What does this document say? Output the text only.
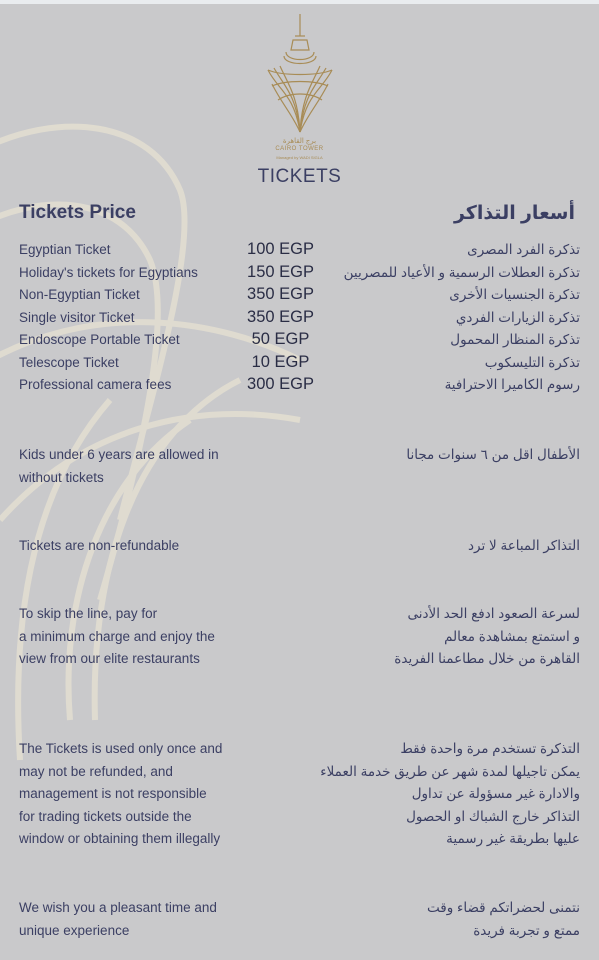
برج القاهرة
CAIRO TOWER
Managed by WADI SIGLA
TICKETS
Tickets Price	أسعار التذاكر
Egyptian Ticket	100 EGP	تذكرة الفرد المصرى
Holiday's tickets for Egyptians	150 EGP	تذكرة العطلات الرسمية و الأعياد للمصريين
Non-Egyptian Ticket	350 EGP	تذكرة الجنسيات الأخرى
Single visitor Ticket	350 EGP	تذكرة الزيارات الفردي
Endoscope Portable Ticket	50 EGP	تذكرة المنظار المحمول
Telescope Ticket	10 EGP	تذكرة التليسكوب
Professional camera fees	300 EGP	رسوم الكاميرا الاحترافية
Kids under 6 years are allowed in
without tickets
الأطفال اقل من ٦ سنوات مجانا
Tickets are non-refundable	التذاكر المباعة لا ترد
To skip the line, pay for
a minimum charge and enjoy the
view from our elite restaurants
لسرعة الصعود ادفع الحد الأدنى
و استمتع بمشاهدة معالم
القاهرة من خلال مطاعمنا الفريدة
The Tickets is used only once and
may not be refunded, and
management is not responsible
for trading tickets outside the
window or obtaining them illegally
التذكرة تستخدم مرة واحدة فقط
يمكن تاجيلها لمدة شهر عن طريق خدمة العملاء
والادارة غير مسؤولة عن تداول
التذاكر خارج الشباك او الحصول
عليها بطريقة غير رسمية
We wish you a pleasant time and
unique experience
نتمنى لحضراتكم قضاء وقت
ممتع و تجربة فريدة
